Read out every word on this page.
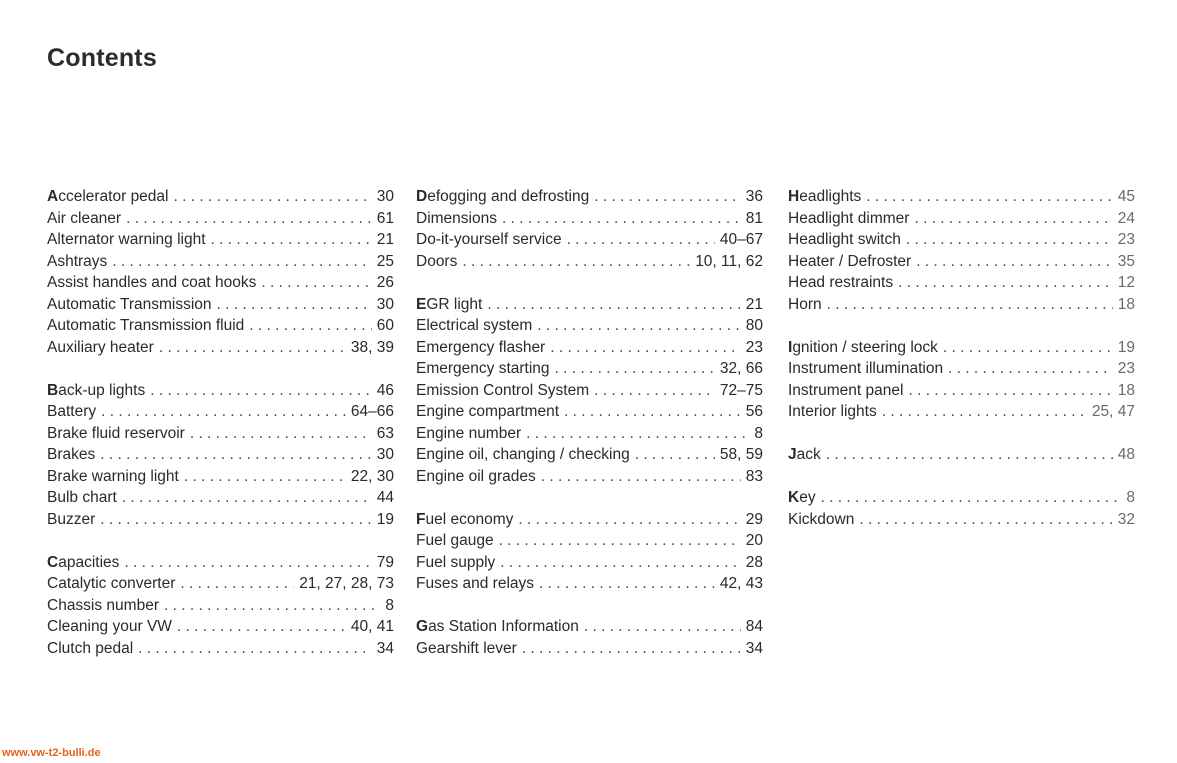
Contents
Accelerator pedal . . .	30
Air cleaner . . .	61
Alternator warning light . . .	21
Ashtrays . . .	25
Assist handles and coat hooks . . .	26
Automatic Transmission . . .	30
Automatic Transmission fluid . . .	60
Auxiliary heater . . .	38, 39
Back-up lights . . .	46
Battery . . .	64–66
Brake fluid reservoir . . .	63
Brakes . . .	30
Brake warning light . . .	22, 30
Bulb chart . . .	44
Buzzer . . .	19
Capacities . . .	79
Catalytic converter . . .	21, 27, 28, 73
Chassis number . . .	8
Cleaning your VW . . .	40, 41
Clutch pedal . . .	34
Defogging and defrosting . . .	36
Dimensions . . .	81
Do-it-yourself service . . .	40–67
Doors . . .	10, 11, 62
EGR light . . .	21
Electrical system . . .	80
Emergency flasher . . .	23
Emergency starting . . .	32, 66
Emission Control System . . .	72–75
Engine compartment . . .	56
Engine number . . .	8
Engine oil, changing / checking . . .	58, 59
Engine oil grades . . .	83
Fuel economy . . .	29
Fuel gauge . . .	20
Fuel supply . . .	28
Fuses and relays . . .	42, 43
Gas Station Information . . .	84
Gearshift lever . . .	34
Headlights . . .	45
Headlight dimmer . . .	24
Headlight switch . . .	23
Heater / Defroster . . .	35
Head restraints . . .	12
Horn . . .	18
Ignition / steering lock . . .	19
Instrument illumination . . .	23
Instrument panel . . .	18
Interior lights . . .	25, 47
Jack . . .	48
Key . . .	8
Kickdown . . .	32
www.vw-t2-bulli.de
